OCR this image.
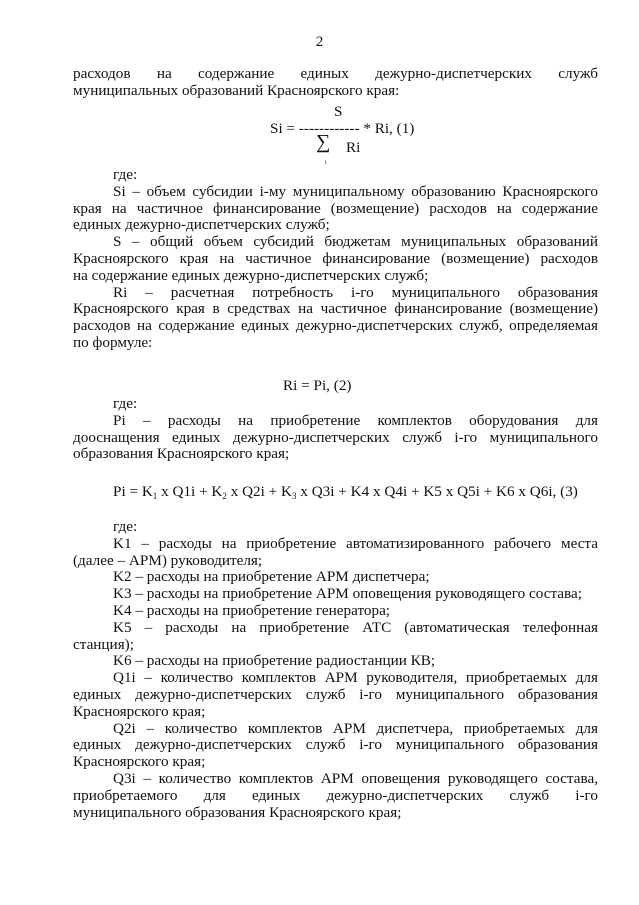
2
расходов на содержание единых дежурно-диспетчерских служб
муниципальных образований Красноярского края:
S
Si = ------------ * Ri, (1)
∑ Ri
i
где:
Si – объем субсидии i-му муниципальному образованию Красноярского
края на частичное финансирование (возмещение) расходов на содержание
единых дежурно-диспетчерских служб;
S – общий объем субсидий бюджетам муниципальных образований
Красноярского края на частичное финансирование (возмещение) расходов
на содержание единых дежурно-диспетчерских служб;
Ri – расчетная потребность i-го муниципального образования
Красноярского края в средствах на частичное финансирование (возмещение)
расходов на содержание единых дежурно-диспетчерских служб, определяемая
по формуле:
Ri = Pi, (2)
где:
Pi – расходы на приобретение комплектов оборудования для
дооснащения единых дежурно-диспетчерских служб i-го муниципального
образования Красноярского края;
$Pi = K_1$ x $Q1i + K_2$ x $Q2i + K_3$ x Q3i + K4 x Q4i + K5 x Q5i + K6 x Q6i, (3)
где:
K1 – расходы на приобретение автоматизированного рабочего места
(далее – АРМ) руководителя;
K2 – расходы на приобретение АРМ диспетчера;
K3 – расходы на приобретение АРМ оповещения руководящего состава;
K4 – расходы на приобретение генератора;
K5 – расходы на приобретение АТС (автоматическая телефонная
станция);
K6 – расходы на приобретение радиостанции КВ;
Q1i – количество комплектов АРМ руководителя, приобретаемых для
единых дежурно-диспетчерских служб i-го муниципального образования
Красноярского края;
Q2i – количество комплектов АРМ диспетчера, приобретаемых для
единых дежурно-диспетчерских служб i-го муниципального образования
Красноярского края;
Q3i – количество комплектов АРМ оповещения руководящего состава,
приобретаемого для единых дежурно-диспетчерских служб i-го
муниципального образования Красноярского края;
